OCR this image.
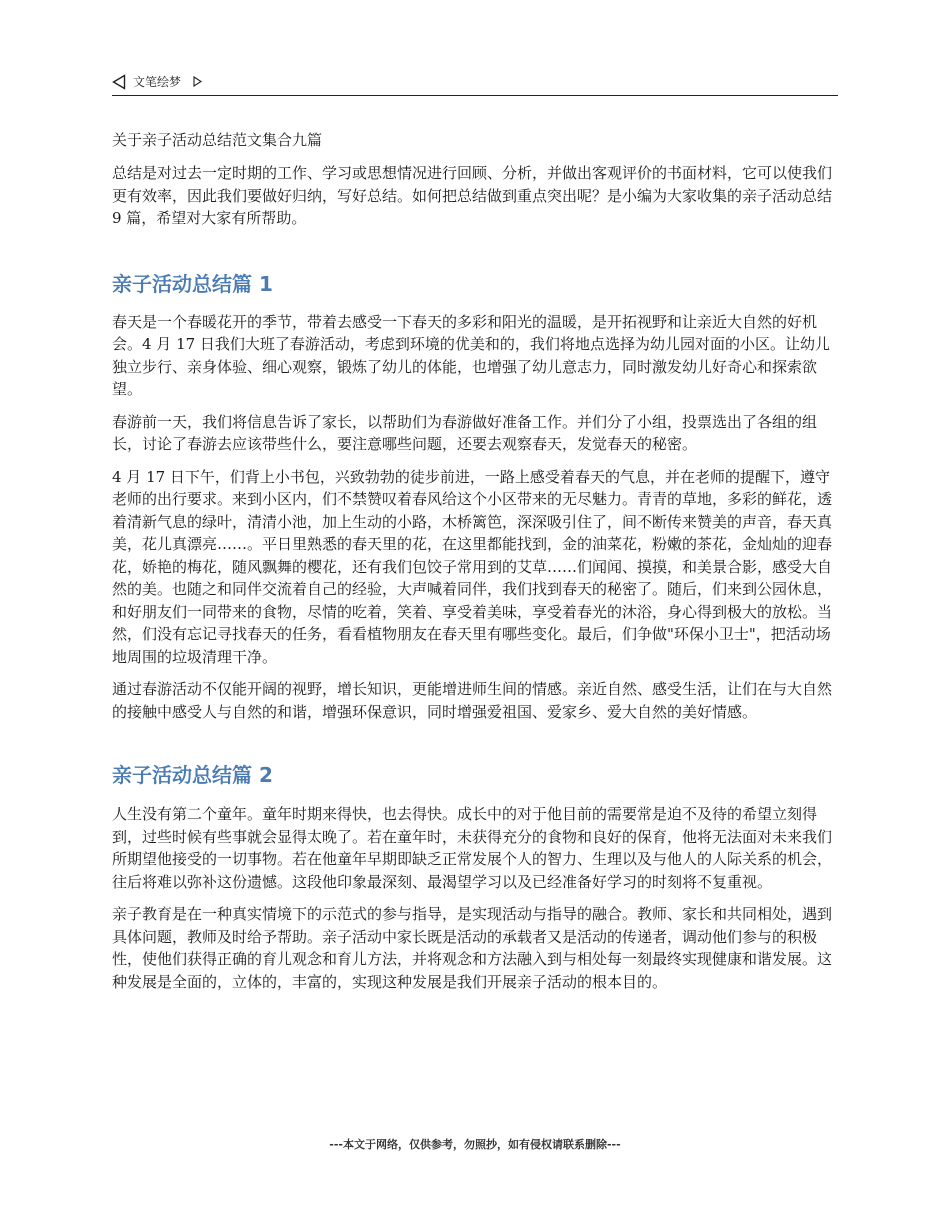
文笔绘梦

关于亲子活动总结范文集合九篇

总结是对过去一定时期的工作、学习或思想情况进行回顾、分析，并做出客观评价的书面材料，它可以使我们更有效率，因此我们要做好归纳，写好总结。如何把总结做到重点突出呢？是小编为大家收集的亲子活动总结 9 篇，希望对大家有所帮助。

亲子活动总结篇 1

春天是一个春暖花开的季节，带着去感受一下春天的多彩和阳光的温暖，是开拓视野和让亲近大自然的好机会。4 月 17 日我们大班了春游活动，考虑到环境的优美和的，我们将地点选择为幼儿园对面的小区。让幼儿独立步行、亲身体验、细心观察，锻炼了幼儿的体能，也增强了幼儿意志力，同时激发幼儿好奇心和探索欲望。

春游前一天，我们将信息告诉了家长，以帮助们为春游做好准备工作。并们分了小组，投票选出了各组的组长，讨论了春游去应该带些什么，要注意哪些问题，还要去观察春天，发觉春天的秘密。

4 月 17 日下午，们背上小书包，兴致勃勃的徒步前进，一路上感受着春天的气息，并在老师的提醒下，遵守老师的出行要求。来到小区内，们不禁赞叹着春风给这个小区带来的无尽魅力。青青的草地，多彩的鲜花，透着清新气息的绿叶，清清小池，加上生动的小路，木桥篱笆，深深吸引住了，间不断传来赞美的声音，春天真美，花儿真漂亮……。平日里熟悉的春天里的花，在这里都能找到，金的油菜花，粉嫩的茶花，金灿灿的迎春花，娇艳的梅花，随风飘舞的樱花，还有我们包饺子常用到的艾草……们闻闻、摸摸，和美景合影，感受大自然的美。也随之和同伴交流着自己的经验，大声喊着同伴，我们找到春天的秘密了。随后，们来到公园休息，和好朋友们一同带来的食物，尽情的吃着，笑着、享受着美味，享受着春光的沐浴，身心得到极大的放松。当然，们没有忘记寻找春天的任务，看看植物朋友在春天里有哪些变化。最后，们争做"环保小卫士"，把活动场地周围的垃圾清理干净。

通过春游活动不仅能开阔的视野，增长知识，更能增进师生间的情感。亲近自然、感受生活，让们在与大自然的接触中感受人与自然的和谐，增强环保意识，同时增强爱祖国、爱家乡、爱大自然的美好情感。

亲子活动总结篇 2

人生没有第二个童年。童年时期来得快，也去得快。成长中的对于他目前的需要常是迫不及待的希望立刻得到，过些时候有些事就会显得太晚了。若在童年时，未获得充分的食物和良好的保育，他将无法面对未来我们所期望他接受的一切事物。若在他童年早期即缺乏正常发展个人的智力、生理以及与他人的人际关系的机会，往后将难以弥补这份遗憾。这段他印象最深刻、最渴望学习以及已经准备好学习的时刻将不复重视。

亲子教育是在一种真实情境下的示范式的参与指导，是实现活动与指导的融合。教师、家长和共同相处，遇到具体问题，教师及时给予帮助。亲子活动中家长既是活动的承载者又是活动的传递者，调动他们参与的积极性，使他们获得正确的育儿观念和育儿方法，并将观念和方法融入到与相处每一刻最终实现健康和谐发展。这种发展是全面的，立体的，丰富的，实现这种发展是我们开展亲子活动的根本目的。

---本文于网络，仅供参考，勿照抄，如有侵权请联系删除---
